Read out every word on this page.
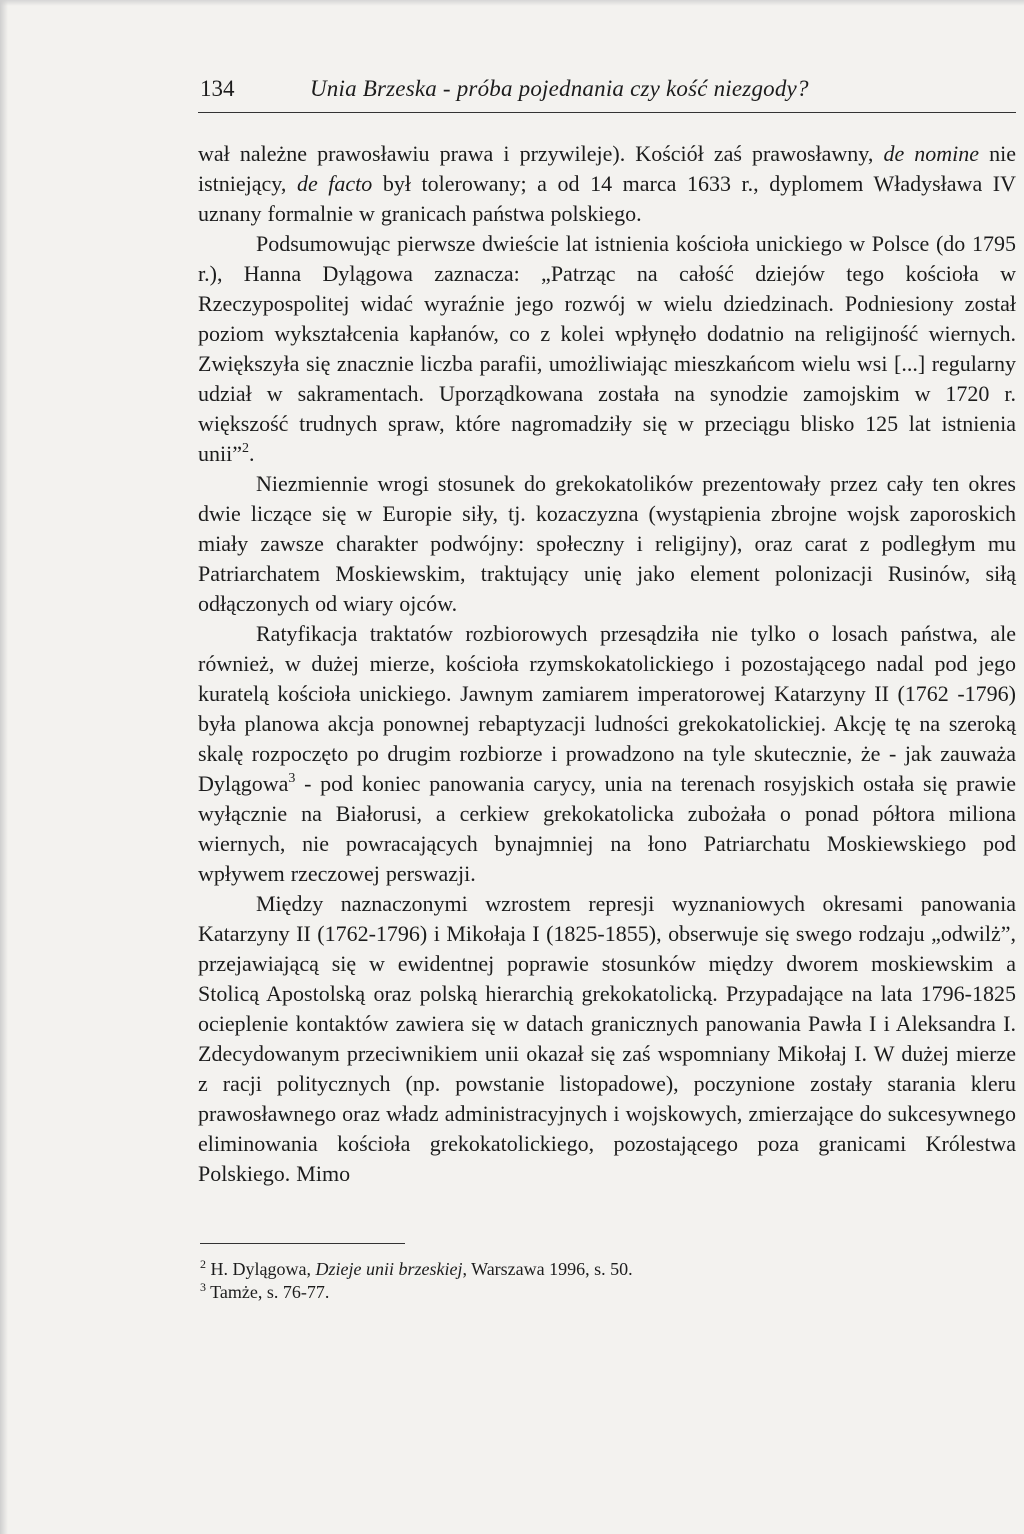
134	Unia Brzeska - próba pojednania czy kość niezgody?

wał należne prawosławiu prawa i przywileje). Kościół zaś prawosławny, de nomine nie istniejący, de facto był tolerowany; a od 14 marca 1633 r., dyplomem Władysława IV uznany formalnie w granicach państwa polskiego.

Podsumowując pierwsze dwieście lat istnienia kościoła unickiego w Polsce (do 1795 r.), Hanna Dylągowa zaznacza: „Patrząc na całość dziejów tego kościoła w Rzeczypospolitej widać wyraźnie jego rozwój w wielu dziedzinach. Podniesiony został poziom wykształcenia kapłanów, co z kolei wpłynęło dodatnio na religijność wiernych. Zwiększyła się znacznie liczba parafii, umożliwiając mieszkańcom wielu wsi [...] regularny udział w sakramentach. Uporządkowana została na synodzie zamojskim w 1720 r. większość trudnych spraw, które nagromadziły się w przeciągu blisko 125 lat istnienia unii”$^2$.

Niezmiennie wrogi stosunek do grekokatolików prezentowały przez cały ten okres dwie liczące się w Europie siły, tj. kozaczyzna (wystąpienia zbrojne wojsk zaporoskich miały zawsze charakter podwójny: społeczny i religijny), oraz carat z podległym mu Patriarchatem Moskiewskim, traktujący unię jako element polonizacji Rusinów, siłą odłączonych od wiary ojców.

Ratyfikacja traktatów rozbiorowych przesądziła nie tylko o losach państwa, ale również, w dużej mierze, kościoła rzymskokatolickiego i pozostającego nadal pod jego kuratelą kościoła unickiego. Jawnym zamiarem imperatorowej Katarzyny II (1762 -1796) była planowa akcja ponownej rebaptyzacji ludności grekokatolickiej. Akcję tę na szeroką skalę rozpoczęto po drugim rozbiorze i prowadzono na tyle skutecznie, że - jak zauważa Dylągowa$^3$ - pod koniec panowania carycy, unia na terenach rosyjskich ostała się prawie wyłącznie na Białorusi, a cerkiew grekokatolicka zubożała o ponad półtora miliona wiernych, nie powracających bynajmniej na łono Patriarchatu Moskiewskiego pod wpływem rzeczowej perswazji.

Między naznaczonymi wzrostem represji wyznaniowych okresami panowania Katarzyny II (1762-1796) i Mikołaja I (1825-1855), obserwuje się swego rodzaju „odwilż”, przejawiającą się w ewidentnej poprawie stosunków między dworem moskiewskim a Stolicą Apostolską oraz polską hierarchią grekokatolicką. Przypadające na lata 1796-1825 ocieplenie kontaktów zawiera się w datach granicznych panowania Pawła I i Aleksandra I. Zdecydowanym przeciwnikiem unii okazał się zaś wspomniany Mikołaj I. W dużej mierze z racji politycznych (np. powstanie listopadowe), poczynione zostały starania kleru prawosławnego oraz władz administracyjnych i wojskowych, zmierzające do sukcesywnego eliminowania kościoła grekokatolickiego, pozostającego poza granicami Królestwa Polskiego. Mimo

$^2$ H. Dylągowa, Dzieje unii brzeskiej, Warszawa 1996, s. 50.
$^3$ Tamże, s. 76-77.
